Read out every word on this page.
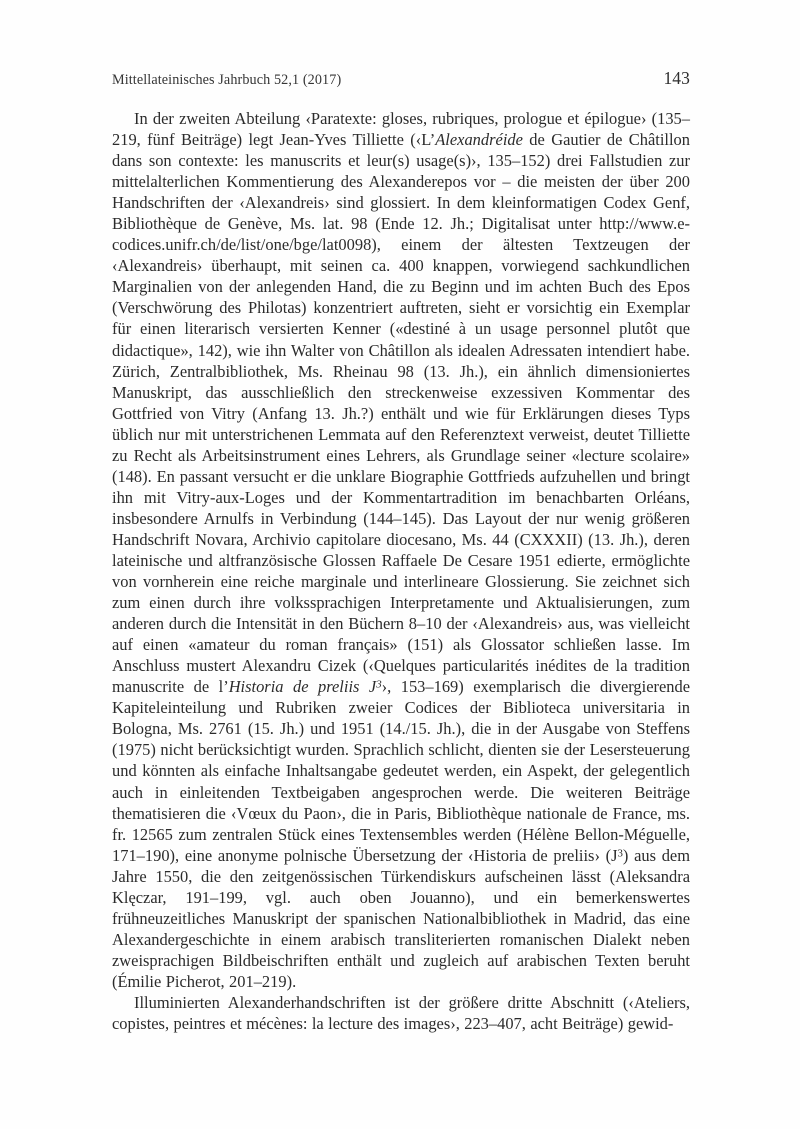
Mittellateinisches Jahrbuch 52,1 (2017)	143

In der zweiten Abteilung ‹Paratexte: gloses, rubriques, prologue et épilogue› (135–219, fünf Beiträge) legt Jean-Yves Tilliette (‹L’Alexandréide de Gautier de Châtillon dans son contexte: les manuscrits et leur(s) usage(s)›, 135–152) drei Fallstudien zur mittelalterlichen Kommentierung des Alexanderepos vor – die meisten der über 200 Handschriften der ‹Alexandreis› sind glossiert. In dem kleinformatigen Codex Genf, Bibliothèque de Genève, Ms. lat. 98 (Ende 12. Jh.; Digitalisat unter http://www.e-codices.unifr.ch/de/list/one/bge/lat0098), einem der ältesten Textzeugen der ‹Alexandreis› überhaupt, mit seinen ca. 400 knappen, vorwiegend sachkundlichen Marginalien von der anlegenden Hand, die zu Beginn und im achten Buch des Epos (Verschwörung des Philotas) konzentriert auftreten, sieht er vorsichtig ein Exemplar für einen literarisch versierten Kenner («destiné à un usage personnel plutôt que didactique», 142), wie ihn Walter von Châtillon als idealen Adressaten intendiert habe. Zürich, Zentralbibliothek, Ms. Rheinau 98 (13. Jh.), ein ähnlich dimensioniertes Manuskript, das ausschließlich den streckenweise exzessiven Kommentar des Gottfried von Vitry (Anfang 13. Jh.?) enthält und wie für Erklärungen dieses Typs üblich nur mit unterstrichenen Lemmata auf den Referenztext verweist, deutet Tilliette zu Recht als Arbeitsinstrument eines Lehrers, als Grundlage seiner «lecture scolaire» (148). En passant versucht er die unklare Biographie Gottfrieds aufzuhellen und bringt ihn mit Vitry-aux-Loges und der Kommentartradition im benachbarten Orléans, insbesondere Arnulfs in Verbindung (144–145). Das Layout der nur wenig größeren Handschrift Novara, Archivio capitolare diocesano, Ms. 44 (CXXXII) (13. Jh.), deren lateinische und altfranzösische Glossen Raffaele De Cesare 1951 edierte, ermöglichte von vornherein eine reiche marginale und interlineare Glossierung. Sie zeichnet sich zum einen durch ihre volkssprachigen Interpretamente und Aktualisierungen, zum anderen durch die Intensität in den Büchern 8–10 der ‹Alexandreis› aus, was vielleicht auf einen «amateur du roman français» (151) als Glossator schließen lasse. Im Anschluss mustert Alexandru Cizek (‹Quelques particularités inédites de la tradition manuscrite de l’Historia de preliis $J^3›$, 153–169) exemplarisch die divergierende Kapiteleinteilung und Rubriken zweier Codices der Biblioteca universitaria in Bologna, Ms. 2761 (15. Jh.) und 1951 (14./15. Jh.), die in der Ausgabe von Steffens (1975) nicht berücksichtigt wurden. Sprachlich schlicht, dienten sie der Lesersteuerung und könnten als einfache Inhaltsangabe gedeutet werden, ein Aspekt, der gelegentlich auch in einleitenden Textbeigaben angesprochen werde. Die weiteren Beiträge thematisieren die ‹Vœux du Paon›, die in Paris, Bibliothèque nationale de France, ms. fr. 12565 zum zentralen Stück eines Textensembles werden (Hélène Bellon-Méguelle, 171–190), eine anonyme polnische Übersetzung der ‹Historia de preliis› $(J^3)$ aus dem Jahre 1550, die den zeitgenössischen Türkendiskurs aufscheinen lässt (Aleksandra Klęczar, 191–199, vgl. auch oben Jouanno), und ein bemerkenswertes frühneuzeitliches Manuskript der spanischen Nationalbibliothek in Madrid, das eine Alexandergeschichte in einem arabisch transliterierten romanischen Dialekt neben zweisprachigen Bildbeischriften enthält und zugleich auf arabischen Texten beruht (Émilie Picherot, 201–219).

Illuminierten Alexanderhandschriften ist der größere dritte Abschnitt (‹Ateliers, copistes, peintres et mécènes: la lecture des images›, 223–407, acht Beiträge) gewid-
